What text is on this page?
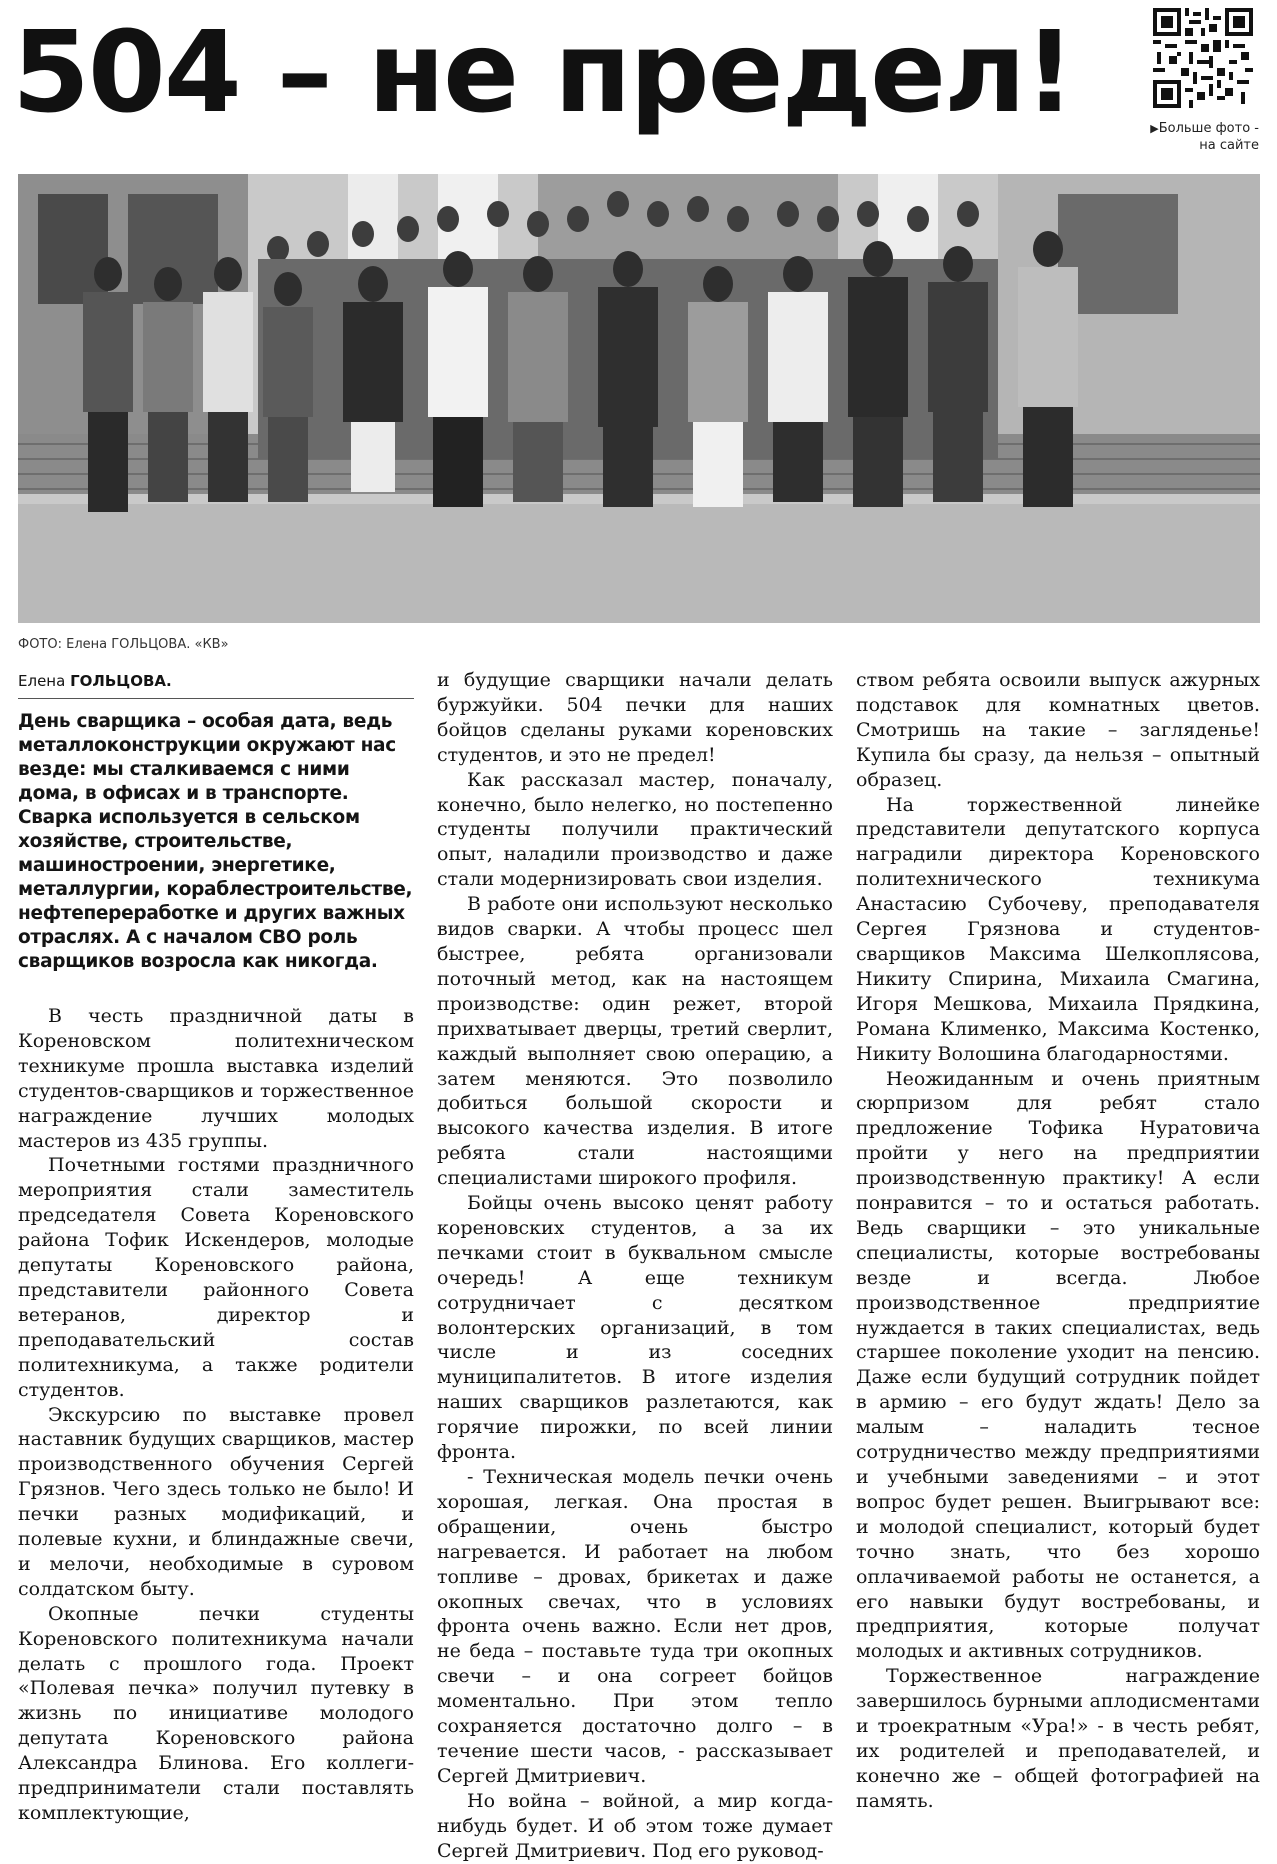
504 – не предел!	▶Больше фото -
на сайте
ФОТО: Елена ГОЛЬЦОВА. «КВ»
Елена ГОЛЬЦОВА.

День сварщика – особая дата, ведь металлоконструкции окружают нас везде: мы сталкиваемся с ними дома, в офисах и в транспорте. Сварка используется в сельском хозяйстве, строительстве, машиностроении, энергетике, металлургии, кораблестроительстве, нефтепереработке и других важных отраслях. А с началом СВО роль сварщиков возросла как никогда.

В честь праздничной даты в Кореновском политехническом техникуме прошла выставка изделий студентов-сварщиков и торжественное награждение лучших молодых мастеров из 435 группы.

Почетными гостями праздничного мероприятия стали заместитель председателя Совета Кореновского района Тофик Искендеров, молодые депутаты Кореновского района, представители районного Совета ветеранов, директор и преподавательский состав политехникума, а также родители студентов.

Экскурсию по выставке провел наставник будущих сварщиков, мастер производственного обучения Сергей Грязнов. Чего здесь только не было! И печки разных модификаций, и полевые кухни, и блиндажные свечи, и мелочи, необходимые в суровом солдатском быту.

Окопные печки студенты Кореновского политехникума начали делать с прошлого года. Проект «Полевая печка» получил путевку в жизнь по инициативе молодого депутата Кореновского района Александра Блинова. Его коллеги-предприниматели стали поставлять комплектующие,

и будущие сварщики начали делать буржуйки. 504 печки для наших бойцов сделаны руками кореновских студентов, и это не предел!

Как рассказал мастер, поначалу, конечно, было нелегко, но постепенно студенты получили практический опыт, наладили производство и даже стали модернизировать свои изделия.

В работе они используют несколько видов сварки. А чтобы процесс шел быстрее, ребята организовали поточный метод, как на настоящем производстве: один режет, второй прихватывает дверцы, третий сверлит, каждый выполняет свою операцию, а затем меняются. Это позволило добиться большой скорости и высокого качества изделия. В итоге ребята стали настоящими специалистами широкого профиля.

Бойцы очень высоко ценят работу кореновских студентов, а за их печками стоит в буквальном смысле очередь! А еще техникум сотрудничает с десятком волонтерских организаций, в том числе и из соседних муниципалитетов. В итоге изделия наших сварщиков разлетаются, как горячие пирожки, по всей линии фронта.

- Техническая модель печки очень хорошая, легкая. Она простая в обращении, очень быстро нагревается. И работает на любом топливе – дровах, брикетах и даже окопных свечах, что в условиях фронта очень важно. Если нет дров, не беда – поставьте туда три окопных свечи – и она согреет бойцов моментально. При этом тепло сохраняется достаточно долго – в течение шести часов, - рассказывает Сергей Дмитриевич.

Но война – войной, а мир когда-нибудь будет. И об этом тоже думает Сергей Дмитриевич. Под его руковод-

ством ребята освоили выпуск ажурных подставок для комнатных цветов. Смотришь на такие – загляденье! Купила бы сразу, да нельзя – опытный образец.

На торжественной линейке представители депутатского корпуса наградили директора Кореновского политехнического техникума Анастасию Субочеву, преподавателя Сергея Грязнова и студентов-сварщиков Максима Шелкоплясова, Никиту Спирина, Михаила Смагина, Игоря Мешкова, Михаила Прядкина, Романа Клименко, Максима Костенко, Никиту Волошина благодарностями.

Неожиданным и очень приятным сюрпризом для ребят стало предложение Тофика Нуратовича пройти у него на предприятии производственную практику! А если понравится – то и остаться работать. Ведь сварщики – это уникальные специалисты, которые востребованы везде и всегда. Любое производственное предприятие нуждается в таких специалистах, ведь старшее поколение уходит на пенсию. Даже если будущий сотрудник пойдет в армию – его будут ждать! Дело за малым – наладить тесное сотрудничество между предприятиями и учебными заведениями – и этот вопрос будет решен. Выигрывают все: и молодой специалист, который будет точно знать, что без хорошо оплачиваемой работы не останется, а его навыки будут востребованы, и предприятия, которые получат молодых и активных сотрудников.

Торжественное награждение завершилось бурными аплодисментами и троекратным «Ура!» - в честь ребят, их родителей и преподавателей, и конечно же – общей фотографией на память.
